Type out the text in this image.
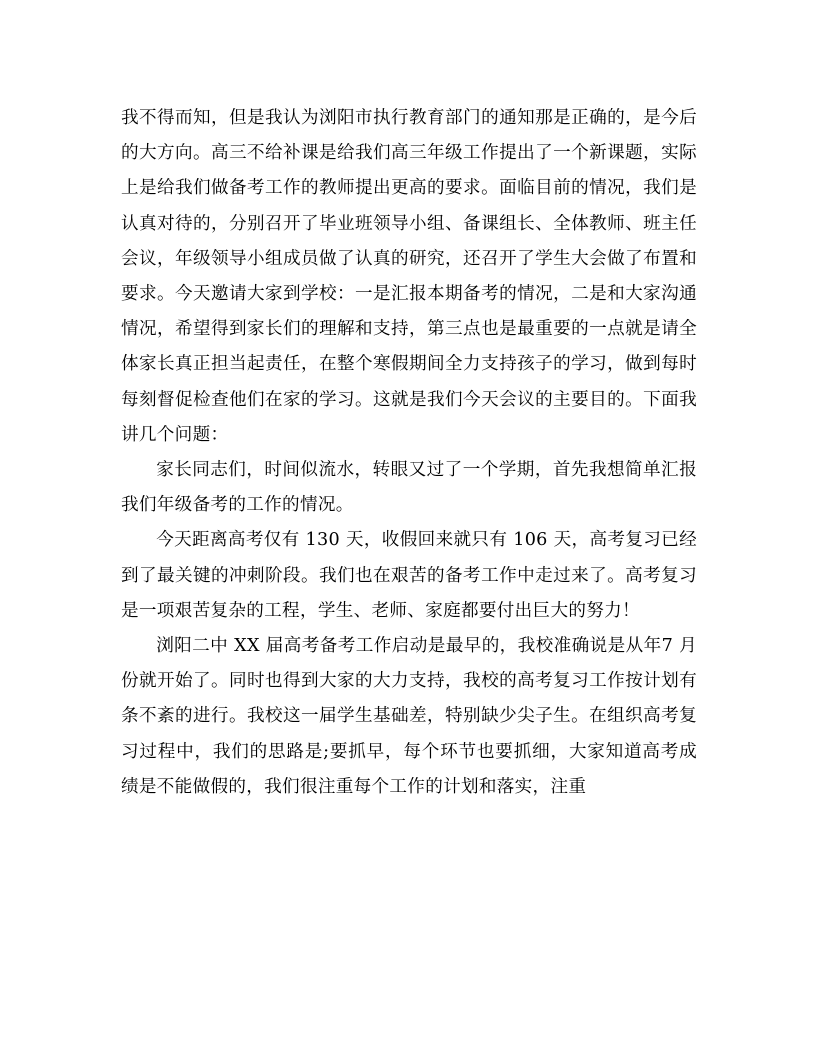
我不得而知，但是我认为浏阳市执行教育部门的通知那是正确的，是今后的大方向。高三不给补课是给我们高三年级工作提出了一个新课题，实际上是给我们做备考工作的教师提出更高的要求。面临目前的情况，我们是认真对待的，分别召开了毕业班领导小组、备课组长、全体教师、班主任会议，年级领导小组成员做了认真的研究，还召开了学生大会做了布置和要求。今天邀请大家到学校：一是汇报本期备考的情况，二是和大家沟通情况，希望得到家长们的理解和支持，第三点也是最重要的一点就是请全体家长真正担当起责任，在整个寒假期间全力支持孩子的学习，做到每时每刻督促检查他们在家的学习。这就是我们今天会议的主要目的。下面我讲几个问题：

家长同志们，时间似流水，转眼又过了一个学期，首先我想简单汇报我们年级备考的工作的情况。

今天距离高考仅有 130 天，收假回来就只有 106 天，高考复习已经到了最关键的冲刺阶段。我们也在艰苦的备考工作中走过来了。高考复习是一项艰苦复杂的工程，学生、老师、家庭都要付出巨大的努力！

浏阳二中 XX 届高考备考工作启动是最早的，我校准确说是从年7 月份就开始了。同时也得到大家的大力支持，我校的高考复习工作按计划有条不紊的进行。我校这一届学生基础差，特别缺少尖子生。在组织高考复习过程中，我们的思路是;要抓早，每个环节也要抓细，大家知道高考成绩是不能做假的，我们很注重每个工作的计划和落实，注重
